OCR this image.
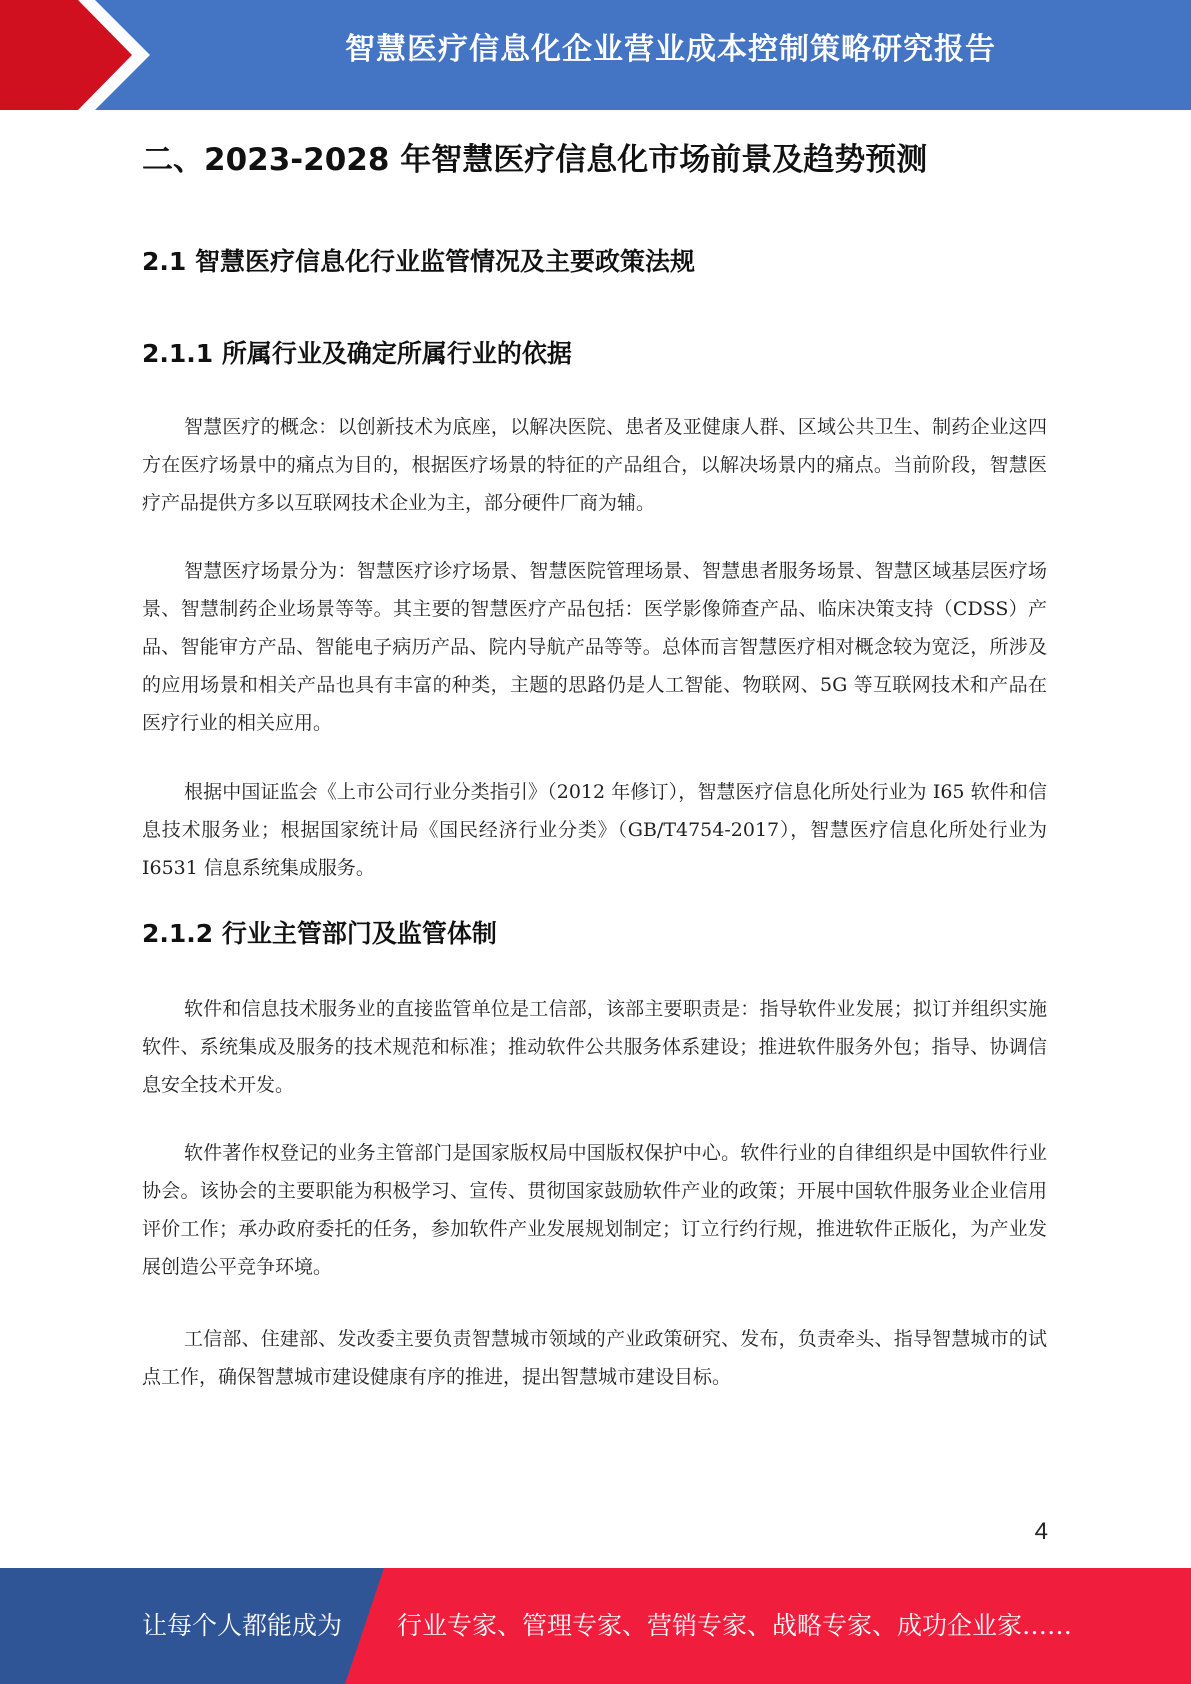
智慧医疗信息化企业营业成本控制策略研究报告
二、2023-2028 年智慧医疗信息化市场前景及趋势预测
2.1 智慧医疗信息化行业监管情况及主要政策法规
2.1.1 所属行业及确定所属行业的依据

智慧医疗的概念：以创新技术为底座，以解决医院、患者及亚健康人群、区域公共卫生、制药企业这四方在医疗场景中的痛点为目的，根据医疗场景的特征的产品组合，以解决场景内的痛点。当前阶段，智慧医疗产品提供方多以互联网技术企业为主，部分硬件厂商为辅。

智慧医疗场景分为：智慧医疗诊疗场景、智慧医院管理场景、智慧患者服务场景、智慧区域基层医疗场景、智慧制药企业场景等等。其主要的智慧医疗产品包括：医学影像筛查产品、临床决策支持（CDSS）产品、智能审方产品、智能电子病历产品、院内导航产品等等。总体而言智慧医疗相对概念较为宽泛，所涉及的应用场景和相关产品也具有丰富的种类，主题的思路仍是人工智能、物联网、5G 等互联网技术和产品在医疗行业的相关应用。

根据中国证监会《上市公司行业分类指引》（2012 年修订），智慧医疗信息化所处行业为 I65 软件和信息技术服务业；根据国家统计局《国民经济行业分类》（GB/T4754-2017），智慧医疗信息化所处行业为 I6531 信息系统集成服务。

2.1.2 行业主管部门及监管体制

软件和信息技术服务业的直接监管单位是工信部，该部主要职责是：指导软件业发展；拟订并组织实施软件、系统集成及服务的技术规范和标准；推动软件公共服务体系建设；推进软件服务外包；指导、协调信息安全技术开发。

软件著作权登记的业务主管部门是国家版权局中国版权保护中心。软件行业的自律组织是中国软件行业协会。该协会的主要职能为积极学习、宣传、贯彻国家鼓励软件产业的政策；开展中国软件服务业企业信用评价工作；承办政府委托的任务，参加软件产业发展规划制定；订立行约行规，推进软件正版化，为产业发展创造公平竞争环境。

工信部、住建部、发改委主要负责智慧城市领域的产业政策研究、发布，负责牵头、指导智慧城市的试点工作，确保智慧城市建设健康有序的推进，提出智慧城市建设目标。

4
让每个人都能成为 行业专家、管理专家、营销专家、战略专家、成功企业家……
